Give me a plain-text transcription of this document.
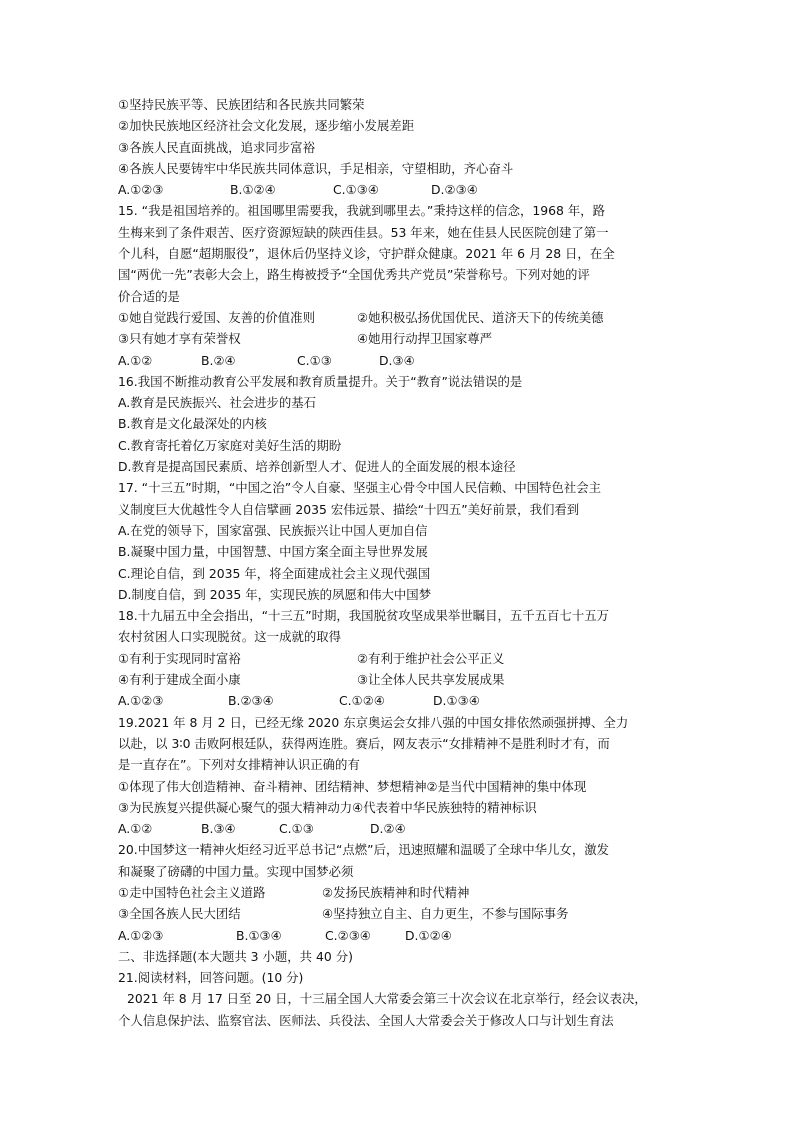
①坚持民族平等、民族团结和各民族共同繁荣
②加快民族地区经济社会文化发展，逐步缩小发展差距
③各族人民直面挑战，追求同步富裕
④各族人民要铸牢中华民族共同体意识，手足相亲，守望相助，齐心奋斗
A.①②③	B.①②④	C.①③④	D.②③④
15. “我是祖国培养的。祖国哪里需要我，我就到哪里去。”秉持这样的信念，1968 年，路
生梅来到了条件艰苦、医疗资源短缺的陕西佳县。53 年来，她在佳县人民医院创建了第一
个儿科，自愿“超期服役”，退休后仍坚持义诊，守护群众健康。2021 年 6 月 28 日，在全
国“两优一先”表彰大会上，路生梅被授予“全国优秀共产党员”荣誉称号。下列对她的评
价合适的是
①她自觉践行爱国、友善的价值准则	②她积极弘扬优国优民、道济天下的传统美德
③只有她才享有荣誉权	④她用行动捍卫国家尊严
A.①②	B.②④	C.①③	D.③④
16.我国不断推动教育公平发展和教育质量提升。关于“教育”说法错误的是
A.教育是民族振兴、社会进步的基石
B.教育是文化最深处的内核
C.教育寄托着亿万家庭对美好生活的期盼
D.教育是提高国民素质、培养创新型人才、促进人的全面发展的根本途径
17. “十三五”时期，“中国之治”令人自豪、坚强主心骨令中国人民信赖、中国特色社会主
义制度巨大优越性令人自信擘画 2035 宏伟远景、描绘“十四五”美好前景，我们看到
A.在党的领导下，国家富强、民族振兴让中国人更加自信
B.凝聚中国力量，中国智慧、中国方案全面主导世界发展
C.理论自信，到 2035 年，将全面建成社会主义现代强国
D.制度自信，到 2035 年，实现民族的夙愿和伟大中国梦
18.十九届五中全会指出，“十三五”时期，我国脱贫攻坚成果举世瞩目，五千五百七十五万
农村贫困人口实现脱贫。这一成就的取得
①有利于实现同时富裕	②有利于维护社会公平正义
④有利于建成全面小康	③让全体人民共享发展成果
A.①②③	B.②③④	C.①②④	D.①③④
19.2021 年 8 月 2 日，已经无缘 2020 东京奥运会女排八强的中国女排依然顽强拼搏、全力
以赴，以 3∶0 击败阿根廷队，获得两连胜。赛后，网友表示“女排精神不是胜利时才有，而
是一直存在”。下列对女排精神认识正确的有
①体现了伟大创造精神、奋斗精神、团结精神、梦想精神②是当代中国精神的集中体现
③为民族复兴提供凝心聚气的强大精神动力④代表着中华民族独特的精神标识
A.①②	B.③④	C.①③	D.②④
20.中国梦这一精神火炬经习近平总书记“点燃”后，迅速照耀和温暖了全球中华儿女，激发
和凝聚了磅礴的中国力量。实现中国梦必须
①走中国特色社会主义道路	②发扬民族精神和时代精神
③全国各族人民大团结	④坚持独立自主、自力更生，不参与国际事务
A.①②③	B.①③④	C.②③④	D.①②④
二、非选择题(本大题共 3 小题，共 40 分)
21.阅读材料，回答问题。(10 分)
2021 年 8 月 17 日至 20 日，十三届全国人大常委会第三十次会议在北京举行，经会议表决，
个人信息保护法、监察官法、医师法、兵役法、全国人大常委会关于修改人口与计划生育法
